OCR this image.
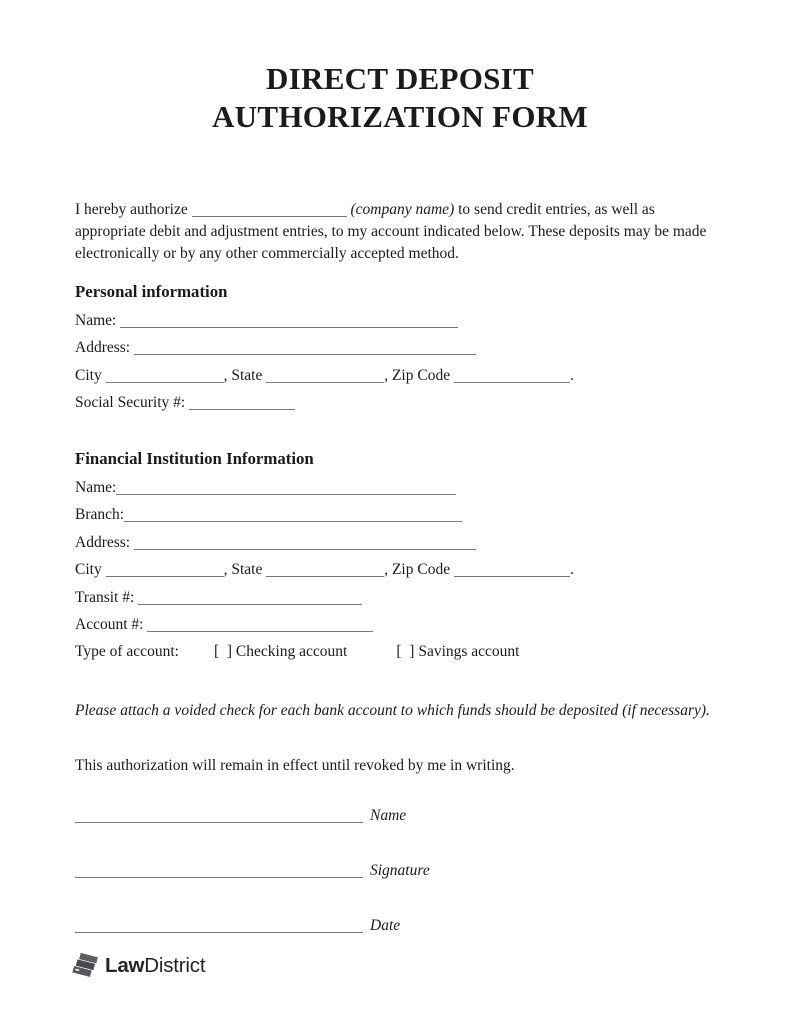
DIRECT DEPOSIT
AUTHORIZATION FORM

I hereby authorize	(company name) to send credit entries, as well as appropriate debit and adjustment entries, to my account indicated below. These deposits may be made electronically or by any other commercially accepted method.

Personal information
Name:
Address:
City	, State	, Zip Code	.
Social Security #:
Financial Institution Information
Name:
Branch:
Address:
City	, State	, Zip Code	.
Transit #:
Account #:
Type of account: [  ] Checking account	[  ] Savings account
Please attach a voided check for each bank account to which funds should be deposited (if necessary).
This authorization will remain in effect until revoked by me in writing.
Name
Signature
Date
LawDistrict
